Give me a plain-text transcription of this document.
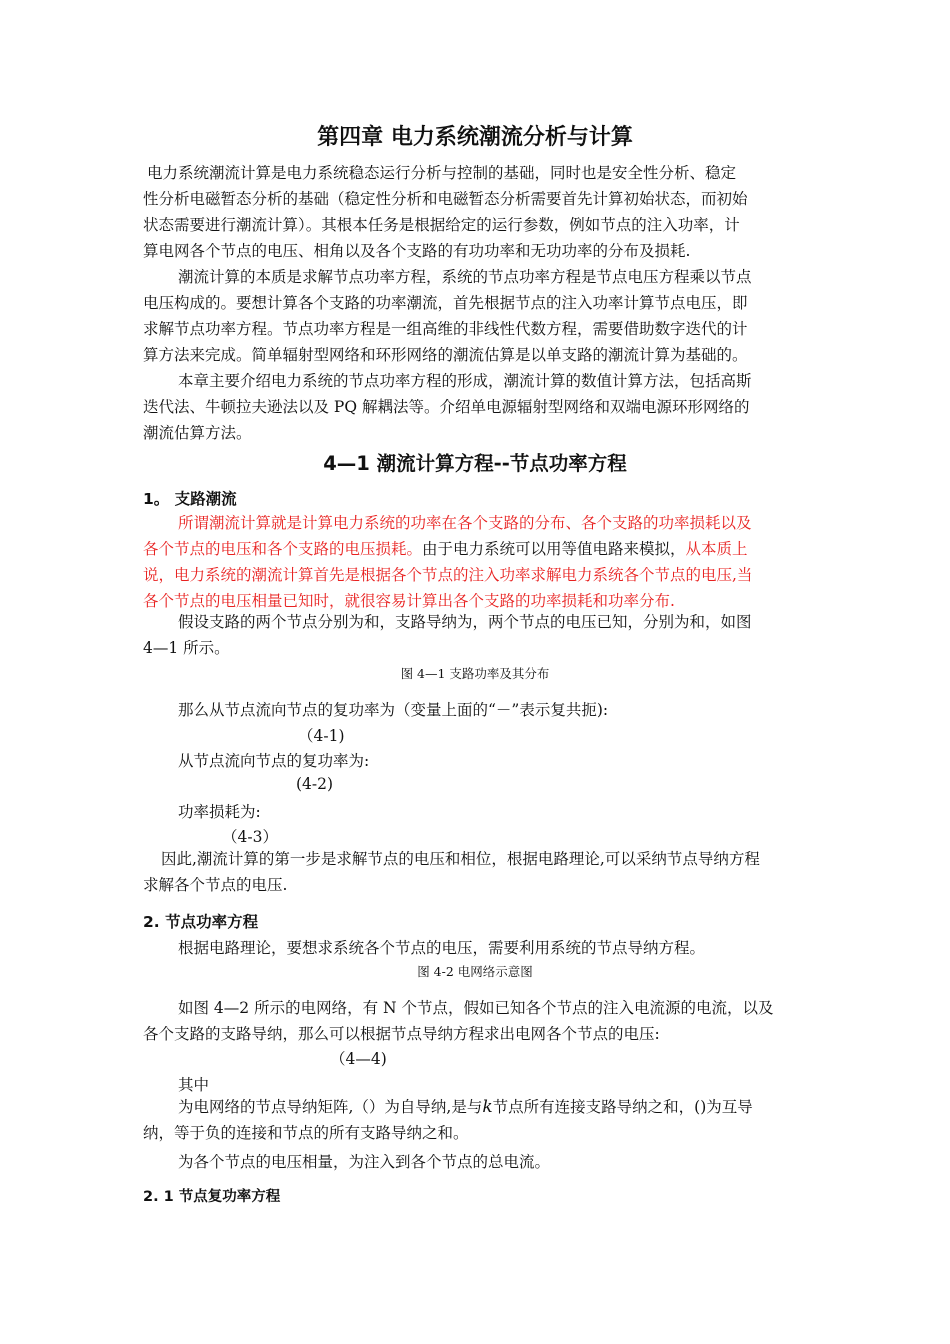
第四章 电力系统潮流分析与计算
电力系统潮流计算是电力系统稳态运行分析与控制的基础，同时也是安全性分析、稳定
性分析电磁暂态分析的基础（稳定性分析和电磁暂态分析需要首先计算初始状态，而初始
状态需要进行潮流计算）。其根本任务是根据给定的运行参数，例如节点的注入功率，计
算电网各个节点的电压、相角以及各个支路的有功功率和无功功率的分布及损耗.
潮流计算的本质是求解节点功率方程，系统的节点功率方程是节点电压方程乘以节点
电压构成的。要想计算各个支路的功率潮流，首先根据节点的注入功率计算节点电压，即
求解节点功率方程。节点功率方程是一组高维的非线性代数方程，需要借助数字迭代的计
算方法来完成。简单辐射型网络和环形网络的潮流估算是以单支路的潮流计算为基础的。
本章主要介绍电力系统的节点功率方程的形成，潮流计算的数值计算方法，包括高斯
迭代法、牛顿拉夫逊法以及 PQ 解耦法等。介绍单电源辐射型网络和双端电源环形网络的
潮流估算方法。
4—1 潮流计算方程--节点功率方程
1。 支路潮流
所谓潮流计算就是计算电力系统的功率在各个支路的分布、各个支路的功率损耗以及
各个节点的电压和各个支路的电压损耗。由于电力系统可以用等值电路来模拟，从本质上
说，电力系统的潮流计算首先是根据各个节点的注入功率求解电力系统各个节点的电压,当
各个节点的电压相量已知时，就很容易计算出各个支路的功率损耗和功率分布.
假设支路的两个节点分别为和，支路导纳为，两个节点的电压已知，分别为和，如图
4—1 所示。
图 4—1 支路功率及其分布
那么从节点流向节点的复功率为（变量上面的“－”表示复共扼):
（4-1)
从节点流向节点的复功率为:
(4-2)
功率损耗为:
（4-3）
因此,潮流计算的第一步是求解节点的电压和相位，根据电路理论,可以采纳节点导纳方程
求解各个节点的电压.
2. 节点功率方程
根据电路理论，要想求系统各个节点的电压，需要利用系统的节点导纳方程。
图 4-2 电网络示意图
如图 4—2 所示的电网络，有 N 个节点，假如已知各个节点的注入电流源的电流，以及
各个支路的支路导纳，那么可以根据节点导纳方程求出电网各个节点的电压:
（4—4)
其中
为电网络的节点导纳矩阵,（）为自导纳,是与k节点所有连接支路导纳之和，()为互导
纳，等于负的连接和节点的所有支路导纳之和。
为各个节点的电压相量，为注入到各个节点的总电流。
2. 1 节点复功率方程
